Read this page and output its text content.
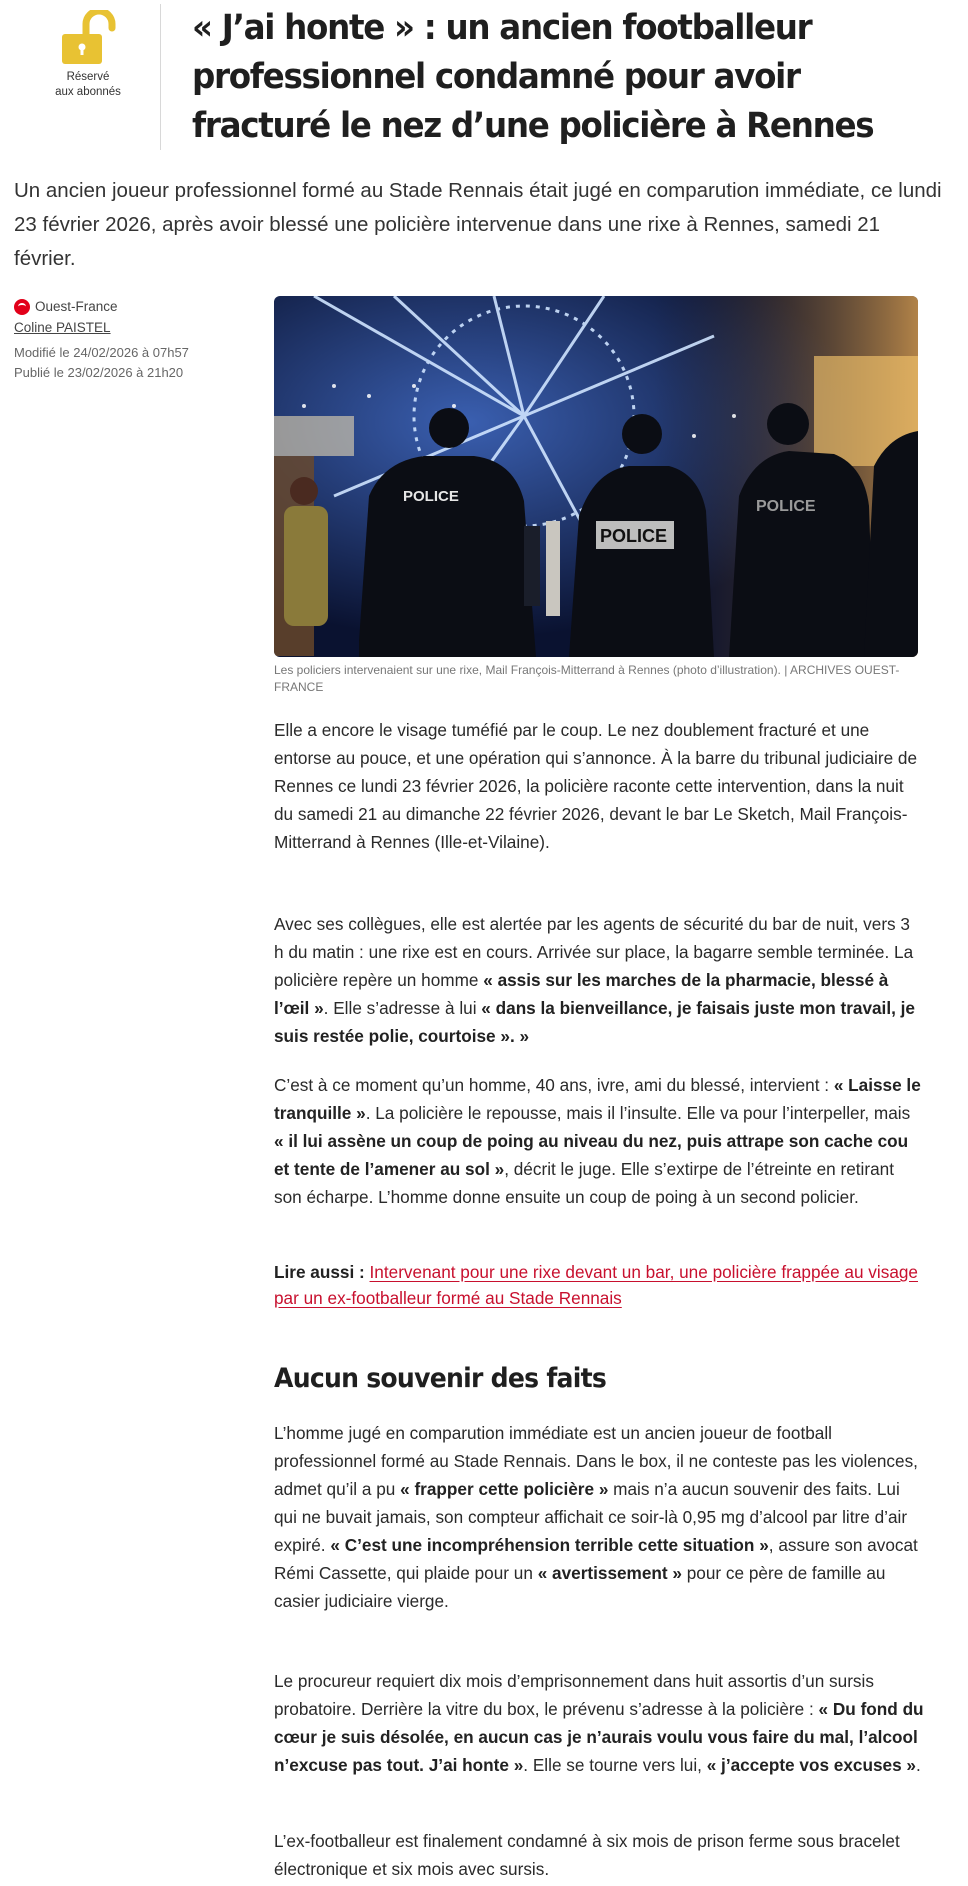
Réservé
aux abonnés
« J’ai honte » : un ancien footballeur professionnel condamné pour avoir fracturé le nez d’une policière à Rennes

Un ancien joueur professionnel formé au Stade Rennais était jugé en comparution immédiate, ce lundi 23 février 2026, après avoir blessé une policière intervenue dans une rixe à Rennes, samedi 21 février.

Ouest-France
Coline PAISTEL
Modifié le 24/02/2026 à 07h57
Publié le 23/02/2026 à 21h20
POLICE
POLICE
POLICE
Les policiers intervenaient sur une rixe, Mail François-Mitterrand à Rennes (photo d’illustration). | ARCHIVES OUEST-FRANCE

Elle a encore le visage tuméfié par le coup. Le nez doublement fracturé et une entorse au pouce, et une opération qui s’annonce. À la barre du tribunal judiciaire de Rennes ce lundi 23 février 2026, la policière raconte cette intervention, dans la nuit du samedi 21 au dimanche 22 février 2026, devant le bar Le Sketch, Mail François-Mitterrand à Rennes (Ille-et-Vilaine).

Avec ses collègues, elle est alertée par les agents de sécurité du bar de nuit, vers 3 h du matin : une rixe est en cours. Arrivée sur place, la bagarre semble terminée. La policière repère un homme « assis sur les marches de la pharmacie, blessé à l’œil ». Elle s’adresse à lui « dans la bienveillance, je faisais juste mon travail, je suis restée polie, courtoise ». »

C’est à ce moment qu’un homme, 40 ans, ivre, ami du blessé, intervient : « Laisse le tranquille ». La policière le repousse, mais il l’insulte. Elle va pour l’interpeller, mais « il lui assène un coup de poing au niveau du nez, puis attrape son cache cou et tente de l’amener au sol », décrit le juge. Elle s’extirpe de l’étreinte en retirant son écharpe. L’homme donne ensuite un coup de poing à un second policier.

Lire aussi : Intervenant pour une rixe devant un bar, une policière frappée au visage par un ex-footballeur formé au Stade Rennais

Aucun souvenir des faits

L’homme jugé en comparution immédiate est un ancien joueur de football professionnel formé au Stade Rennais. Dans le box, il ne conteste pas les violences, admet qu’il a pu « frapper cette policière » mais n’a aucun souvenir des faits. Lui qui ne buvait jamais, son compteur affichait ce soir-là 0,95 mg d’alcool par litre d’air expiré. « C’est une incompréhension terrible cette situation », assure son avocat Rémi Cassette, qui plaide pour un « avertissement » pour ce père de famille au casier judiciaire vierge.

Le procureur requiert dix mois d’emprisonnement dans huit assortis d’un sursis probatoire. Derrière la vitre du box, le prévenu s’adresse à la policière : « Du fond du cœur je suis désolée, en aucun cas je n’aurais voulu vous faire du mal, l’alcool n’excuse pas tout. J’ai honte ». Elle se tourne vers lui, « j’accepte vos excuses ».

L’ex-footballeur est finalement condamné à six mois de prison ferme sous bracelet électronique et six mois avec sursis.
